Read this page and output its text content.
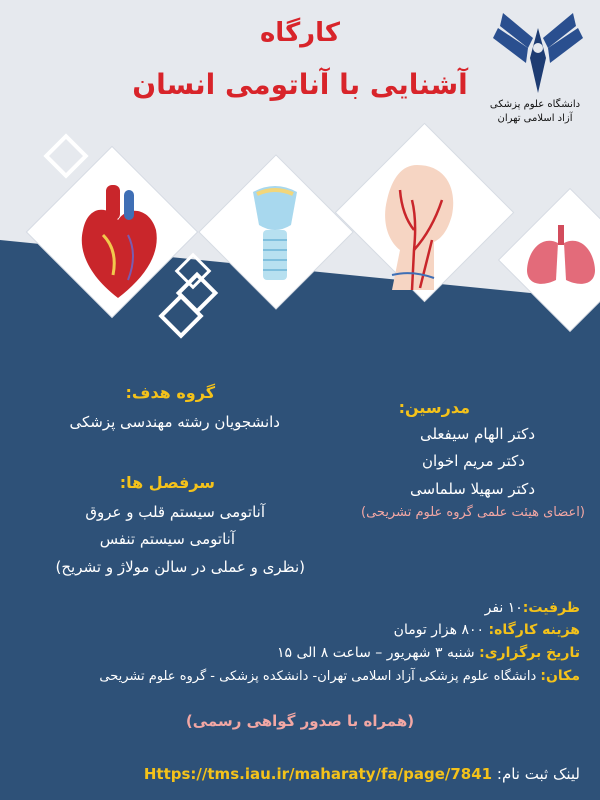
کارگاه
آشنایی با آناتومی انسان
دانشگاه علوم پزشکی
آزاد اسلامی تهران
مدرسین:
دکتر الهام سیفعلی
دکتر مریم اخوان
دکتر سهیلا سلماسی
(اعضای هیئت علمی گروه علوم تشریحی)
گروه هدف:
دانشجویان رشته مهندسی پزشکی
سرفصل ها:
آناتومی سیستم قلب و عروق
آناتومی سیستم تنفس
(نظری و عملی در سالن مولاژ و تشریح)
ظرفیت:۱۰ نفر
هزینه کارگاه: ۸۰۰ هزار تومان
تاریخ برگزاری: شنبه ۳ شهریور – ساعت ۸ الی ۱۵
مکان: دانشگاه علوم پزشکی آزاد اسلامی تهران- دانشکده پزشکی - گروه علوم تشریحی
(همراه با صدور گواهی رسمی)
لینک ثبت نام: Https://tms.iau.ir/maharaty/fa/page/7841
